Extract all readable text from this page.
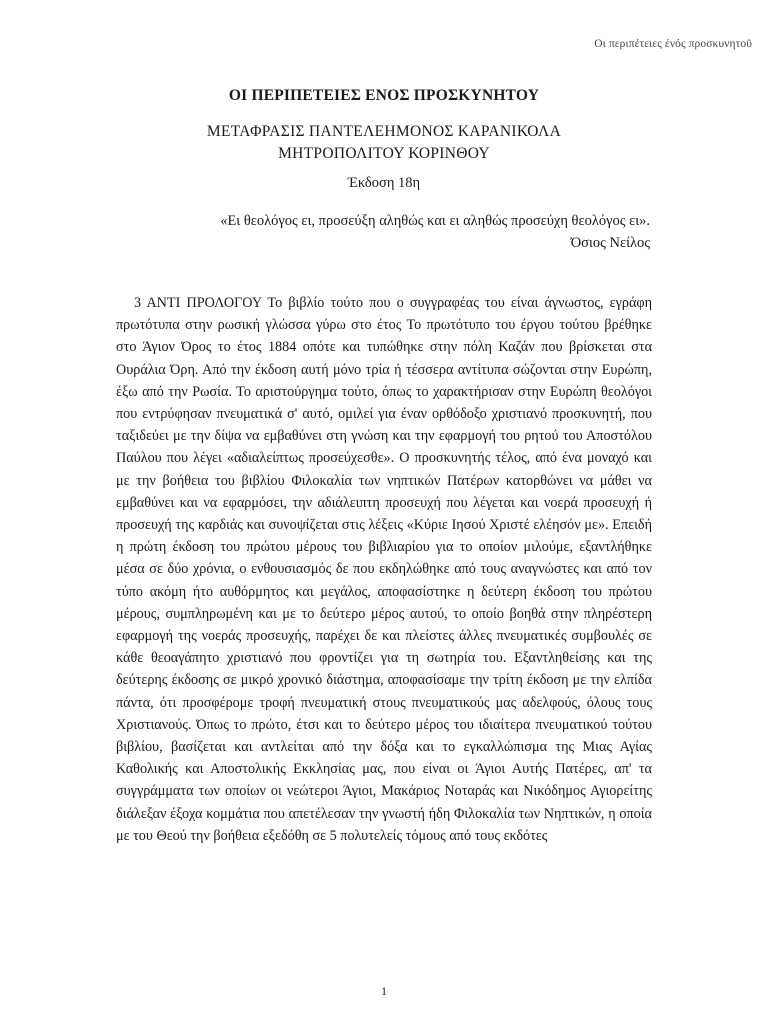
Οι περιπέτειες ένός προσκυνητοῦ
ΟΙ ΠΕΡΙΠΕΤΕΙΕΣ ΕΝΟΣ ΠΡΟΣΚΥΝΗΤΟΥ
ΜΕΤΑΦΡΑΣΙΣ ΠΑΝΤΕΛΕΗΜΟΝΟΣ ΚΑΡΑΝΙΚΟΛΑ
ΜΗΤΡΟΠΟΛΙΤΟΥ ΚΟΡΙΝΘΟΥ
Έκδοση 18η
«Ει θεολόγος ει, προσεύξη αληθώς και ει αληθώς προσεύχη θεολόγος ει».
Όσιος Νείλος

3 ΑΝΤΙ ΠΡΟΛΟΓΟΥ Το βιβλίο τούτο που ο συγγραφέας του είναι άγνωστος, εγράφη πρωτότυπα στην ρωσική γλώσσα γύρω στο έτος Το πρωτότυπο του έργου τούτου βρέθηκε στο Άγιον Όρος το έτος 1884 οπότε και τυπώθηκε στην πόλη Καζάν που βρίσκεται στα Ουράλια Όρη. Από την έκδοση αυτή μόνο τρία ή τέσσερα αντίτυπα σώζονται στην Ευρώπη, έξω από την Ρωσία. Το αριστούργημα τούτο, όπως το χαρακτήρισαν στην Ευρώπη θεολόγοι που εντρύφησαν πνευματικά σ' αυτό, ομιλεί για έναν ορθόδοξο χριστιανό προσκυνητή, που ταξιδεύει με την δίψα να εμβαθύνει στη γνώση και την εφαρμογή του ρητού του Αποστόλου Παύλου που λέγει «αδιαλείπτως προσεύχεσθε». Ο προσκυνητής τέλος, από ένα μοναχό και με την βοήθεια του βιβλίου Φιλοκαλία των νηπτικών Πατέρων κατορθώνει να μάθει να εμβαθύνει και να εφαρμόσει, την αδιάλειπτη προσευχή που λέγεται και νοερά προσευχή ή προσευχή της καρδιάς και συνοψίζεται στις λέξεις «Κύριε Ιησού Χριστέ ελέησόν με». Επειδή η πρώτη έκδοση του πρώτου μέρους του βιβλιαρίου για το οποίον μιλούμε, εξαντλήθηκε μέσα σε δύο χρόνια, ο ενθουσιασμός δε που εκδηλώθηκε από τους αναγνώστες και από τον τύπο ακόμη ήτο αυθόρμητος και μεγάλος, αποφασίστηκε η δεύτερη έκδοση του πρώτου μέρους, συμπληρωμένη και με το δεύτερο μέρος αυτού, το οποίο βοηθά στην πληρέστερη εφαρμογή της νοεράς προσευχής, παρέχει δε και πλείστες άλλες πνευματικές συμβουλές σε κάθε θεοαγάπητο χριστιανό που φροντίζει για τη σωτηρία του. Εξαντληθείσης και της δεύτερης έκδοσης σε μικρό χρονικό διάστημα, αποφασίσαμε την τρίτη έκδοση με την ελπίδα πάντα, ότι προσφέρομε τροφή πνευματική στους πνευματικούς μας αδελφούς, όλους τους Χριστιανούς. Όπως το πρώτο, έτσι και το δεύτερο μέρος του ιδιαίτερα πνευματικού τούτου βιβλίου, βασίζεται και αντλείται από την δόξα και το εγκαλλώπισμα της Μιας Αγίας Καθολικής και Αποστολικής Εκκλησίας μας, που είναι οι Άγιοι Αυτής Πατέρες, απ' τα συγγράμματα των οποίων οι νεώτεροι Άγιοι, Μακάριος Νοταράς και Νικόδημος Αγιορείτης διάλεξαν έξοχα κομμάτια που απετέλεσαν την γνωστή ήδη Φιλοκαλία των Νηπτικών, η οποία με του Θεού την βοήθεια εξεδόθη σε 5 πολυτελείς τόμους από τους εκδότες

1
